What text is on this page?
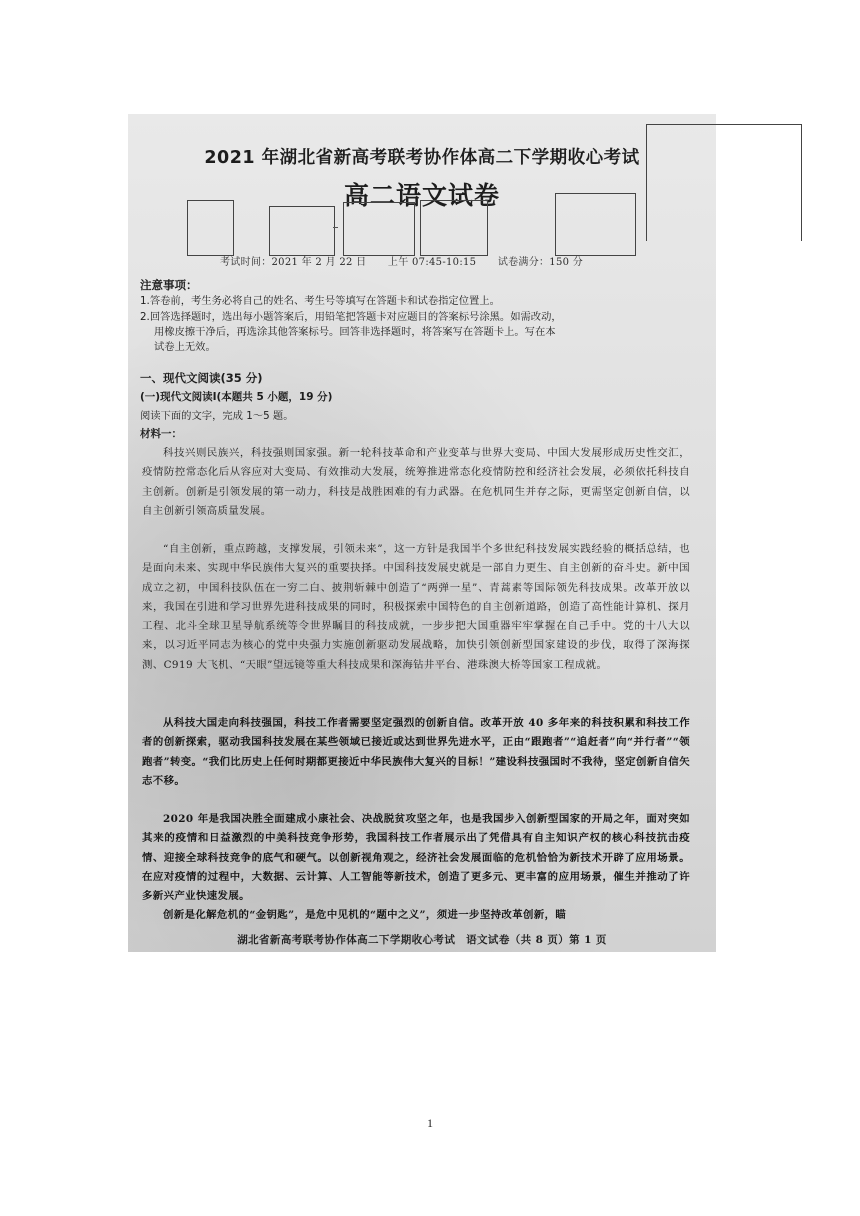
2021 年湖北省新高考联考协作体高二下学期收心考试
高二语文试卷
考试时间：2021 年 2 月 22 日 上午 07:45-10:15 试卷满分：150 分
注意事项：
1.答卷前，考生务必将自己的姓名、考生号等填写在答题卡和试卷指定位置上。
2.回答选择题时，选出每小题答案后，用铅笔把答题卡对应题目的答案标号涂黑。如需改动，
用橡皮擦干净后，再选涂其他答案标号。回答非选择题时，将答案写在答题卡上。写在本
试卷上无效。
一、现代文阅读(35 分)
(一)现代文阅读Ⅰ(本题共 5 小题，19 分)
阅读下面的文字，完成 1～5 题。
材料一：
科技兴则民族兴，科技强则国家强。新一轮科技革命和产业变革与世界大变局、中国大发展形成历史性交汇，疫情防控常态化后从容应对大变局、有效推动大发展，统筹推进常态化疫情防控和经济社会发展，必须依托科技自主创新。创新是引领发展的第一动力，科技是战胜困难的有力武器。在危机同生并存之际，更需坚定创新自信，以自主创新引领高质量发展。
“自主创新，重点跨越，支撑发展，引领未来”，这一方针是我国半个多世纪科技发展实践经验的概括总结，也是面向未来、实现中华民族伟大复兴的重要抉择。中国科技发展史就是一部自力更生、自主创新的奋斗史。新中国成立之初，中国科技队伍在一穷二白、披荆斩棘中创造了“两弹一星”、青蒿素等国际领先科技成果。改革开放以来，我国在引进和学习世界先进科技成果的同时，积极探索中国特色的自主创新道路，创造了高性能计算机、探月工程、北斗全球卫星导航系统等令世界瞩目的科技成就，一步步把大国重器牢牢掌握在自己手中。党的十八大以来，以习近平同志为核心的党中央强力实施创新驱动发展战略，加快引领创新型国家建设的步伐，取得了深海探测、C919 大飞机、“天眼”望远镜等重大科技成果和深海钻井平台、港珠澳大桥等国家工程成就。
从科技大国走向科技强国，科技工作者需要坚定强烈的创新自信。改革开放 40 多年来的科技积累和科技工作者的创新探索，驱动我国科技发展在某些领域已接近或达到世界先进水平，正由“跟跑者”“追赶者”向“并行者”“领跑者”转变。“我们比历史上任何时期都更接近中华民族伟大复兴的目标！”建设科技强国时不我待，坚定创新自信矢志不移。
2020 年是我国决胜全面建成小康社会、决战脱贫攻坚之年，也是我国步入创新型国家的开局之年，面对突如其来的疫情和日益激烈的中美科技竞争形势，我国科技工作者展示出了凭借具有自主知识产权的核心科技抗击疫情、迎接全球科技竞争的底气和硬气。以创新视角观之，经济社会发展面临的危机恰恰为新技术开辟了应用场景。在应对疫情的过程中，大数据、云计算、人工智能等新技术，创造了更多元、更丰富的应用场景，催生并推动了许多新兴产业快速发展。
创新是化解危机的“金钥匙”，是危中见机的“题中之义”，须进一步坚持改革创新，瞄
湖北省新高考联考协作体高二下学期收心考试　语文试卷（共 8 页）第 1 页
1
